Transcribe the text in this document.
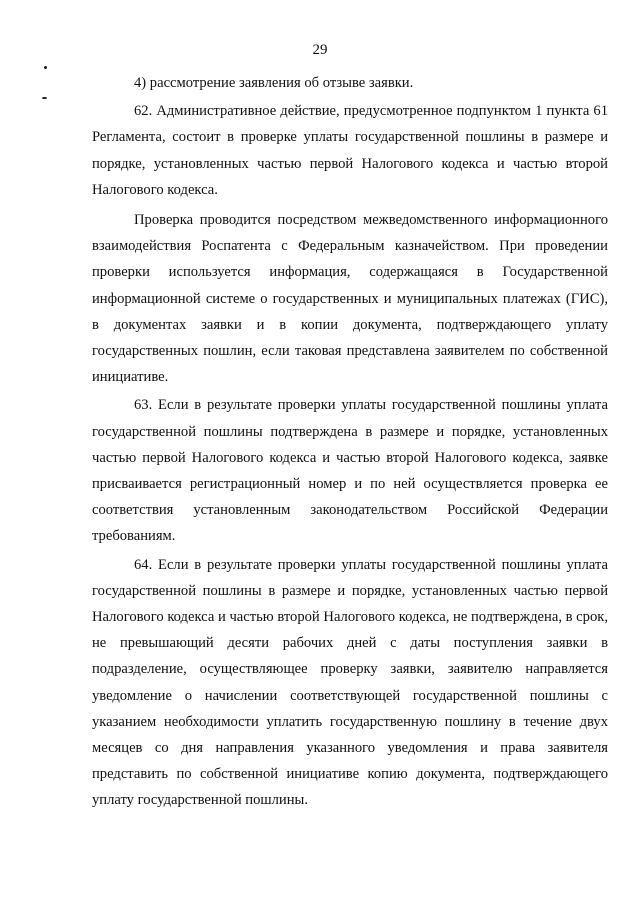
29

4) рассмотрение заявления об отзыве заявки.

62. Административное действие, предусмотренное подпунктом 1 пункта 61 Регламента, состоит в проверке уплаты государственной пошлины в размере и порядке, установленных частью первой Налогового кодекса и частью второй Налогового кодекса.

Проверка проводится посредством межведомственного информационного взаимодействия Роспатента с Федеральным казначейством. При проведении проверки используется информация, содержащаяся в Государственной информационной системе о государственных и муниципальных платежах (ГИС), в документах заявки и в копии документа, подтверждающего уплату государственных пошлин, если таковая представлена заявителем по собственной инициативе.

63. Если в результате проверки уплаты государственной пошлины уплата государственной пошлины подтверждена в размере и порядке, установленных частью первой Налогового кодекса и частью второй Налогового кодекса, заявке присваивается регистрационный номер и по ней осуществляется проверка ее соответствия установленным законодательством Российской Федерации требованиям.

64. Если в результате проверки уплаты государственной пошлины уплата государственной пошлины в размере и порядке, установленных частью первой Налогового кодекса и частью второй Налогового кодекса, не подтверждена, в срок, не превышающий десяти рабочих дней с даты поступления заявки в подразделение, осуществляющее проверку заявки, заявителю направляется уведомление о начислении соответствующей государственной пошлины с указанием необходимости уплатить государственную пошлину в течение двух месяцев со дня направления указанного уведомления и права заявителя представить по собственной инициативе копию документа, подтверждающего уплату государственной пошлины.
